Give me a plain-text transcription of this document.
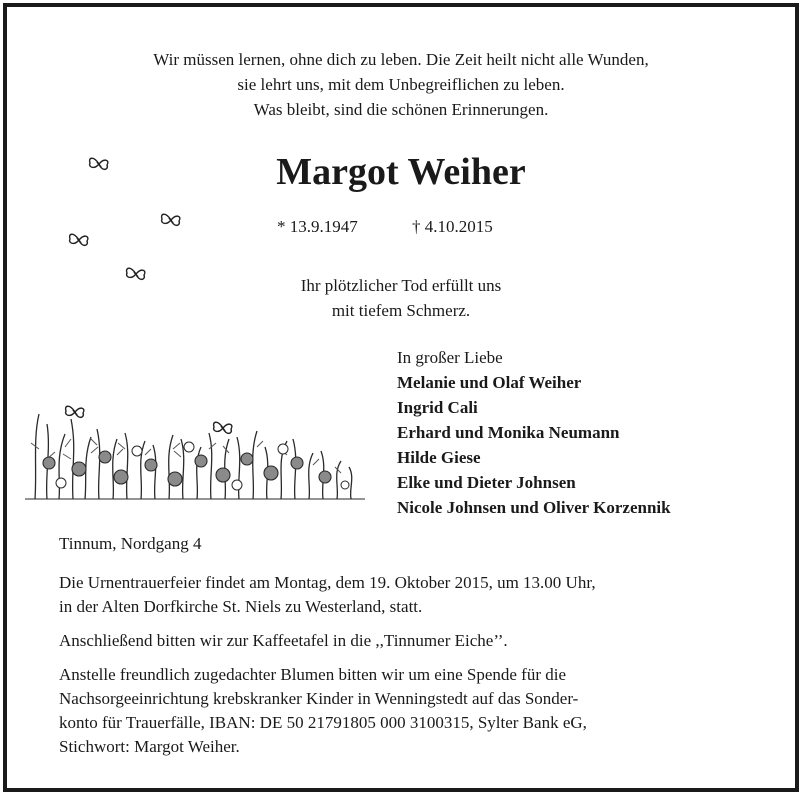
Wir müssen lernen, ohne dich zu leben. Die Zeit heilt nicht alle Wunden,
sie lehrt uns, mit dem Unbegreiflichen zu leben.
Was bleibt, sind die schönen Erinnerungen.
Margot Weiher
* 13.9.1947	† 4.10.2015
Ihr plötzlicher Tod erfüllt uns
mit tiefem Schmerz.
In großer Liebe
Melanie und Olaf Weiher
Ingrid Cali
Erhard und Monika Neumann
Hilde Giese
Elke und Dieter Johnsen
Nicole Johnsen und Oliver Korzennik
Tinnum, Nordgang 4
Die Urnentrauerfeier findet am Montag, dem 19. Oktober 2015, um 13.00 Uhr,
in der Alten Dorfkirche St. Niels zu Westerland, statt.
Anschließend bitten wir zur Kaffeetafel in die ,,Tinnumer Eiche’’.
Anstelle freundlich zugedachter Blumen bitten wir um eine Spende für die
Nachsorgeeinrichtung krebskranker Kinder in Wenningstedt auf das Sonder-
konto für Trauerfälle, IBAN: DE 50 21791805 000 3100315, Sylter Bank eG,
Stichwort: Margot Weiher.
